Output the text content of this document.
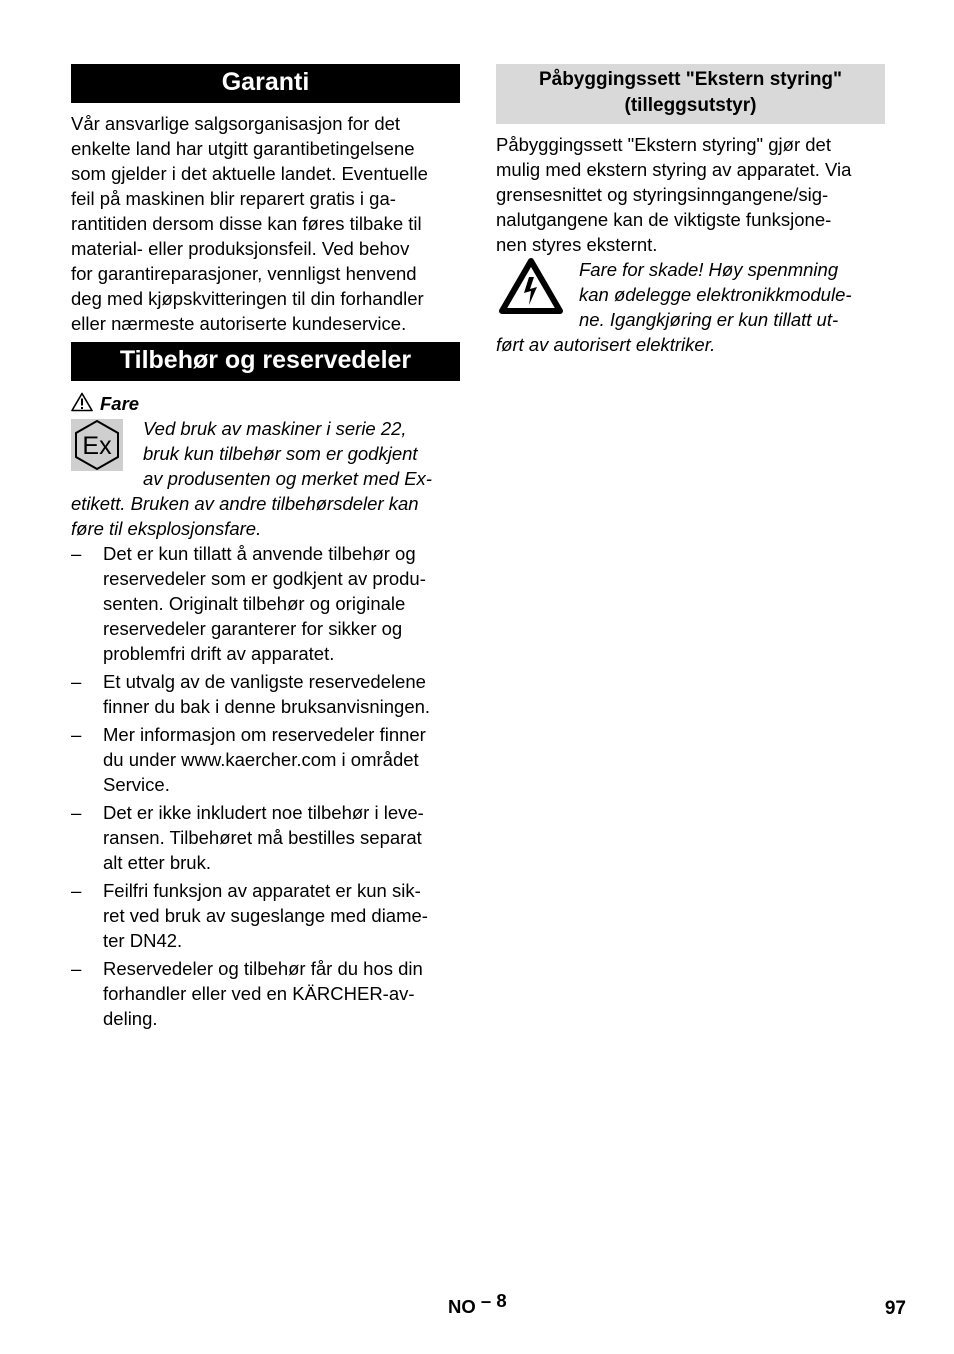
Garanti

Vår ansvarlige salgsorganisasjon for det
enkelte land har utgitt garantibetingelsene
som gjelder i det aktuelle landet. Eventuelle
feil på maskinen blir reparert gratis i ga-
rantitiden dersom disse kan føres tilbake til
material- eller produksjonsfeil. Ved behov
for garantireparasjoner, vennligst henvend
deg med kjøpskvitteringen til din forhandler
eller nærmeste autoriserte kundeservice.

Tilbehør og reservedeler
Fare
Ex

Ved bruk av maskiner i serie 22,
bruk kun tilbehør som er godkjent
av produsenten og merket med Ex-
etikett. Bruken av andre tilbehørsdeler kan
føre til eksplosjonsfare.

– Det er kun tillatt å anvende tilbehør og
reservedeler som er godkjent av produ-
senten. Originalt tilbehør og originale
reservedeler garanterer for sikker og
problemfri drift av apparatet.
– Et utvalg av de vanligste reservedelene
finner du bak i denne bruksanvisningen.
– Mer informasjon om reservedeler finner
du under www.kaercher.com i området
Service.
– Det er ikke inkludert noe tilbehør i leve-
ransen. Tilbehøret må bestilles separat
alt etter bruk.
– Feilfri funksjon av apparatet er kun sik-
ret ved bruk av sugeslange med diame-
ter DN42.
– Reservedeler og tilbehør får du hos din
forhandler eller ved en KÄRCHER-av-
deling.
Påbyggingssett "Ekstern styring"
(tilleggsutstyr)

Påbyggingssett "Ekstern styring" gjør det
mulig med ekstern styring av apparatet. Via
grensesnittet og styringsinngangene/sig-
nalutgangene kan de viktigste funksjone-
nen styres eksternt.

Fare for skade! Høy spenmning
kan ødelegge elektronikkmodule-
ne. Igangkjøring er kun tillatt ut-
ført av autorisert elektriker.

NO – 8	97
